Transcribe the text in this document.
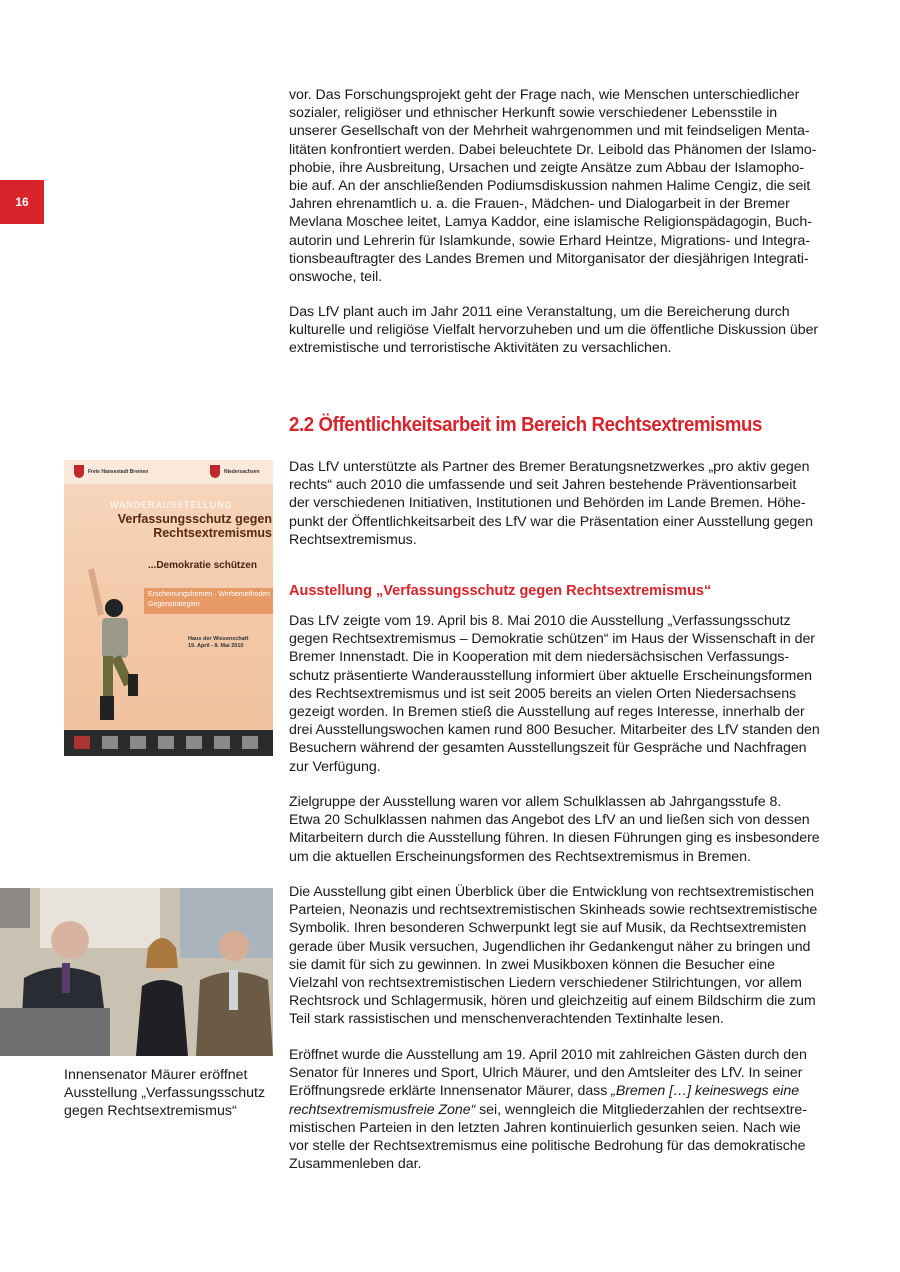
16

vor. Das Forschungsprojekt geht der Frage nach, wie Menschen unterschiedlicher

sozialer, religiöser und ethnischer Herkunft sowie verschiedener Lebensstile in

unserer Gesellschaft von der Mehrheit wahrgenommen und mit feindseligen Menta-

litäten konfrontiert werden. Dabei beleuchtete Dr. Leibold das Phänomen der Islamo-

phobie, ihre Ausbreitung, Ursachen und zeigte Ansätze zum Abbau der Islamopho-

bie auf. An der anschließenden Podiumsdiskussion nahmen Halime Cengiz, die seit

Jahren ehrenamtlich u. a. die Frauen-, Mädchen- und Dialogarbeit in der Bremer

Mevlana Moschee leitet, Lamya Kaddor, eine islamische Religionspädagogin, Buch-

autorin und Lehrerin für Islamkunde, sowie Erhard Heintze, Migrations- und Integra-

tionsbeauftragter des Landes Bremen und Mitorganisator der diesjährigen Integrati-

onswoche, teil.

Das LfV plant auch im Jahr 2011 eine Veranstaltung, um die Bereicherung durch

kulturelle und religiöse Vielfalt hervorzuheben und um die öffentliche Diskussion über

extremistische und terroristische Aktivitäten zu versachlichen.

2.2 Öffentlichkeitsarbeit im Bereich Rechtsextremismus

Das LfV unterstützte als Partner des Bremer Beratungsnetzwerkes „pro aktiv gegen

rechts“ auch 2010 die umfassende und seit Jahren bestehende Präventionsarbeit

der verschiedenen Initiativen, Institutionen und Behörden im Lande Bremen. Höhe-

punkt der Öffentlichkeitsarbeit des LfV war die Präsentation einer Ausstellung gegen

Rechtsextremismus.

Ausstellung „Verfassungsschutz gegen Rechtsextremismus“

Das LfV zeigte vom 19. April bis 8. Mai 2010 die Ausstellung „Verfassungsschutz

gegen Rechtsextremismus – Demokratie schützen“ im Haus der Wissenschaft in der

Bremer Innenstadt. Die in Kooperation mit dem niedersächsischen Verfassungs-

schutz präsentierte Wanderausstellung informiert über aktuelle Erscheinungsformen

des Rechtsextremismus und ist seit 2005 bereits an vielen Orten Niedersachsens

gezeigt worden. In Bremen stieß die Ausstellung auf reges Interesse, innerhalb der

drei Ausstellungswochen kamen rund 800 Besucher. Mitarbeiter des LfV standen den

Besuchern während der gesamten Ausstellungszeit für Gespräche und Nachfragen

zur Verfügung.

Zielgruppe der Ausstellung waren vor allem Schulklassen ab Jahrgangsstufe 8.

Etwa 20 Schulklassen nahmen das Angebot des LfV an und ließen sich von dessen

Mitarbeitern durch die Ausstellung führen. In diesen Führungen ging es insbesondere

um die aktuellen Erscheinungsformen des Rechtsextremismus in Bremen.

Die Ausstellung gibt einen Überblick über die Entwicklung von rechtsextremistischen

Parteien, Neonazis und rechtsextremistischen Skinheads sowie rechtsextremistische

Symbolik. Ihren besonderen Schwerpunkt legt sie auf Musik, da Rechtsextremisten

gerade über Musik versuchen, Jugendlichen ihr Gedankengut näher zu bringen und

sie damit für sich zu gewinnen. In zwei Musikboxen können die Besucher eine

Vielzahl von rechtsextremistischen Liedern verschiedener Stilrichtungen, vor allem

Rechtsrock und Schlagermusik, hören und gleichzeitig auf einem Bildschirm die zum

Teil stark rassistischen und menschenverachtenden Textinhalte lesen.

Eröffnet wurde die Ausstellung am 19. April 2010 mit zahlreichen Gästen durch den

Senator für Inneres und Sport, Ulrich Mäurer, und den Amtsleiter des LfV. In seiner

Eröffnungsrede erklärte Innensenator Mäurer, dass „Bremen […] keineswegs eine

rechtsextremismusfreie Zone“ sei, wenngleich die Mitgliederzahlen der rechtsextre-

mistischen Parteien in den letzten Jahren kontinuierlich gesunken seien. Nach wie

vor stelle der Rechtsextremismus eine politische Bedrohung für das demokratische

Zusammenleben dar.

Freie Hansestadt Bremen	Niedersachsen
WANDERAUSSTELLUNG
Verfassungsschutz gegen
Rechtsextremismus
...Demokratie schützen
Erscheinungsformen · Werbemethoden
Gegenstrategien
Haus der Wissenschaft
19. April - 8. Mai 2010
Innensenator Mäurer eröffnet
Ausstellung „Verfassungsschutz
gegen Rechtsextremismus“
